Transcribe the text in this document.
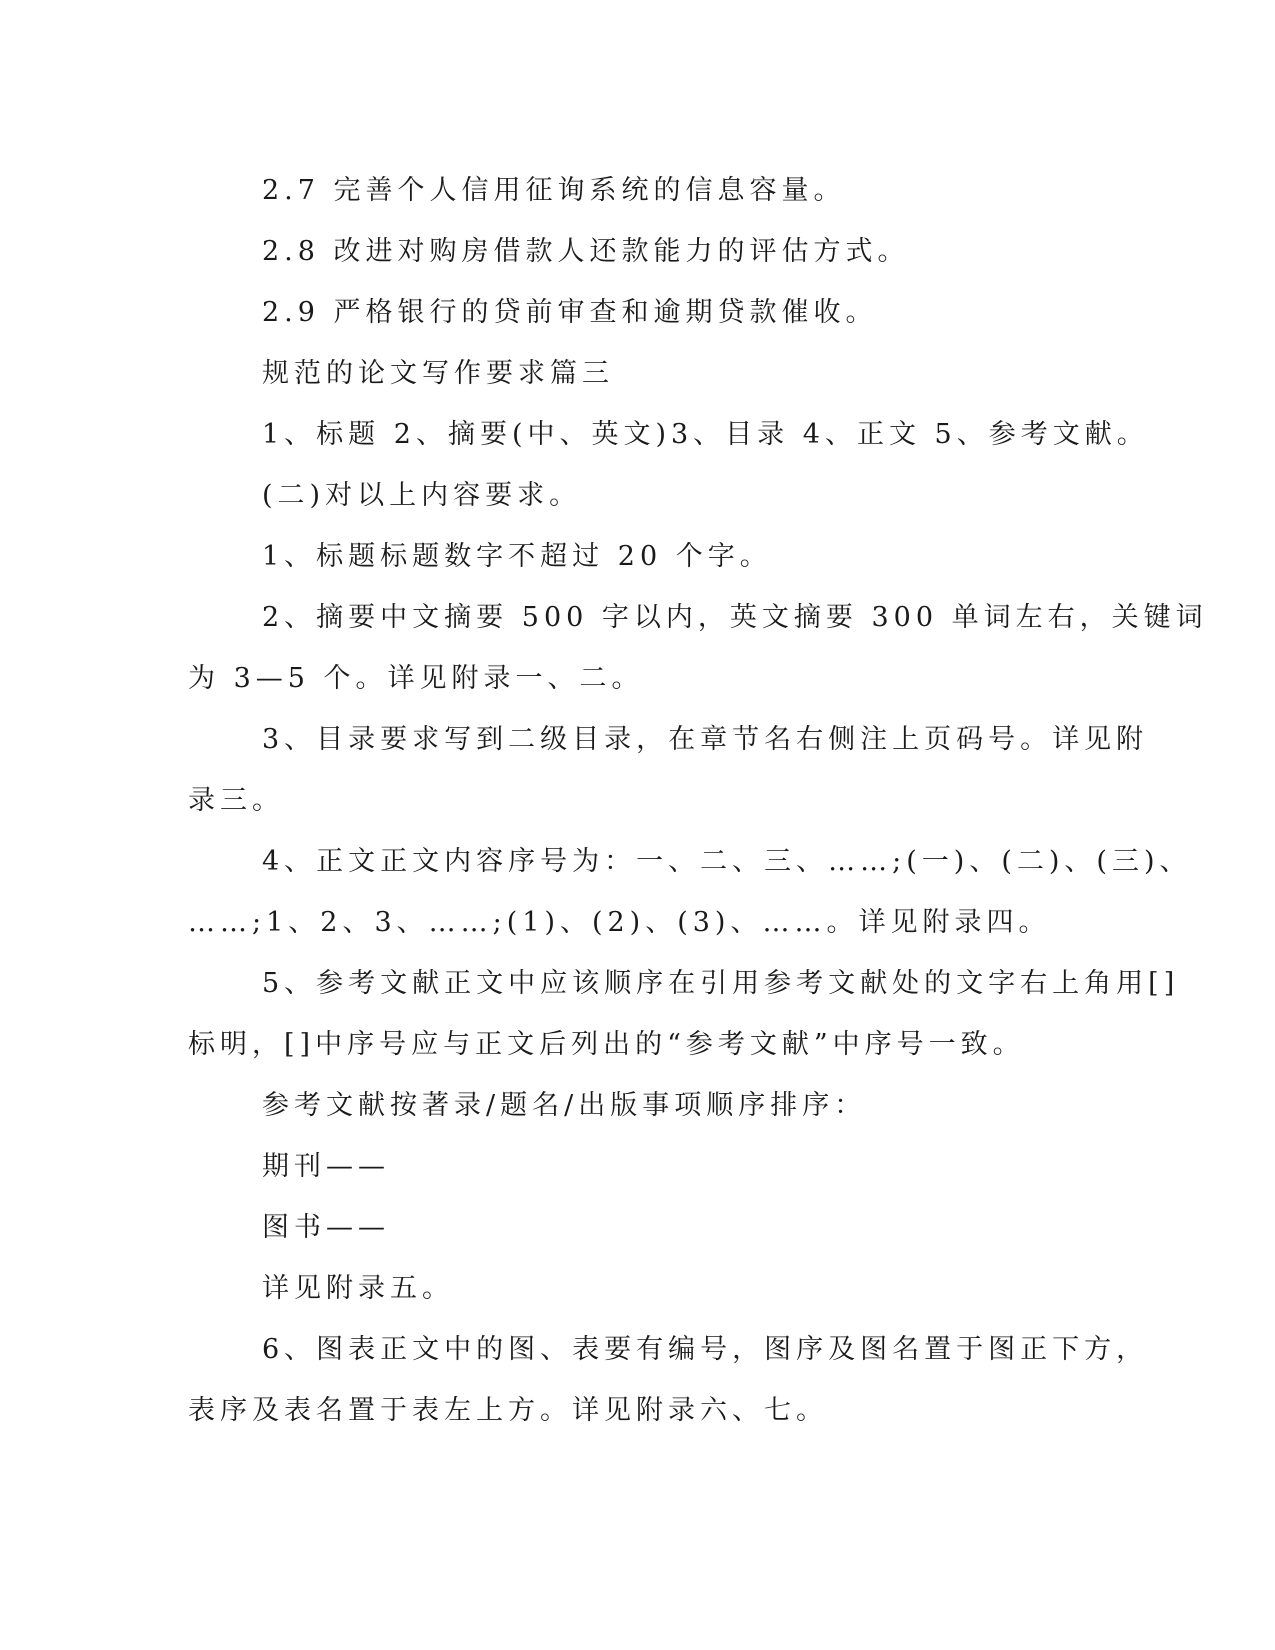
2.7 完善个人信用征询系统的信息容量。
2.8 改进对购房借款人还款能力的评估方式。
2.9 严格银行的贷前审查和逾期贷款催收。
规范的论文写作要求篇三
1、标题 2、摘要(中、英文)3、目录 4、正文 5、参考文献。
(二)对以上内容要求。
1、标题标题数字不超过 20 个字。
2、摘要中文摘要 500 字以内，英文摘要 300 单词左右，关键词
为 3—5 个。详见附录一、二。
3、目录要求写到二级目录，在章节名右侧注上页码号。详见附
录三。
4、正文正文内容序号为：一、二、三、……;(一)、(二)、(三)、
……;1、2、3、……;(1)、(2)、(3)、……。详见附录四。
5、参考文献正文中应该顺序在引用参考文献处的文字右上角用[]
标明，[]中序号应与正文后列出的“参考文献”中序号一致。
参考文献按著录/题名/出版事项顺序排序：
期刊——
图书——
详见附录五。
6、图表正文中的图、表要有编号，图序及图名置于图正下方，
表序及表名置于表左上方。详见附录六、七。
